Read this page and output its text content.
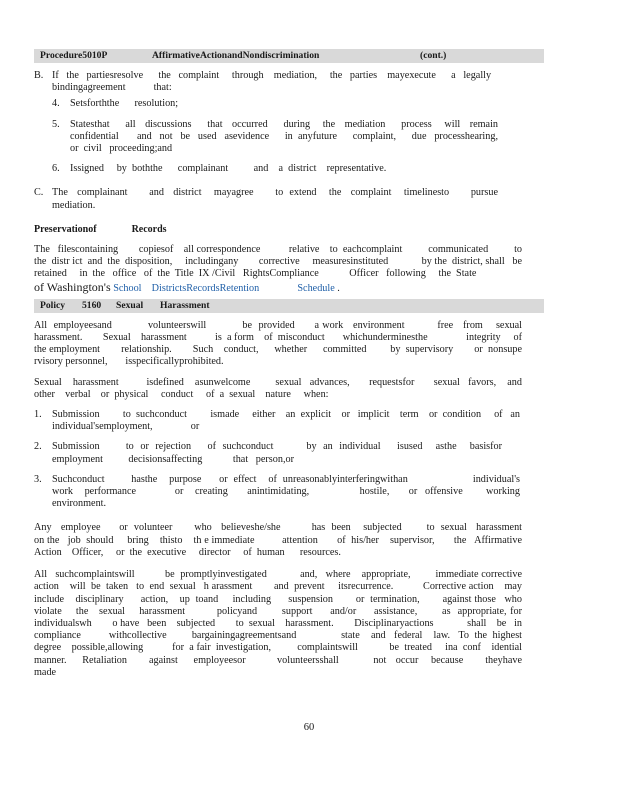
Procedure5010P	AffirmativeActionandNondiscrimination	(cont.)
B. If   the   partiesresolve      the   complaint     through    mediation,     the   parties    mayexecute      a   legally

bindingagreement           that:

4.	Setsforththe      resolution;

5.	Statesthat     all   discussions     that   occurred     during    the   mediation     process    will   remain confidential       and   not   be   used   asevidence      in  anyfuture      complaint,      due   processhearing, or  civil   proceeding;and

6.	Issigned     by  boththe      complainant          and    a  district    representative.

C. The   complainant       and   district    mayagree       to  extend    the   complaint    timelinesto       pursue mediation.

Preservationof              Records

The   filescontaining        copiesof    all correspondence           relative    to  eachcomplaint          communicated          to the  distr ict  and  the  disposition,     includingany        corrective     measuresinstituted             by the  district, shall   be  retained     in  the   office   of  the  Title  IX /Civil   RightsCompliance            Officer   following     the  State

of Washington's School    DistrictsRecordsRetention               Schedule .

Policy 5160 Sexual Harassment

All  employeesand           volunteerswill           be  provided      a work   environment          free   from    sexual harassment.        Sexual    harassment           is  a form    of  misconduct       whichunderminesthe               integrity     of  the employment        relationship.        Such    conduct,      whether      committed         by  supervisory        or  nonsupe    rvisory personnel,       isspecificallyprohibited.

Sexual    harassment          isdefined    asunwelcome         sexual   advances,       requestsfor       sexual   favors,    and other    verbal    or  physical     conduct     of  a  sexual    nature     when:

1.	Submission         to  suchconduct         ismade     either    an  explicit    or   implicit    term    or  condition     of   an individual'semployment,               or

2.	Submission        to  or  rejection     of  suchconduct          by  an  individual     isused    asthe    basisfor employment          decisionsaffecting            that   person,or

3.	Suchconduct         hasthe    purpose      or  effect    of  unreasonablyinterferingwithan                      individual's work   performance          or   creating     anintimidating,             hostile,     or  offensive      working      environment.

Any   employee      or  volunteer       who   believeshe/she          has  been    subjected        to  sexual   harassment         on the   job  should     bring    thisto    th e immediate          attention       of  his/her    supervisor,       the   Affirmative Action    Officer,     or  the  executive     director     of  human      resources.

All   suchcomplaintswill           be  promptlyinvestigated            and,   where    appropriate,         immediate corrective      action    will  be  taken   to  end  sexual   h arassment        and  prevent     itsrecurrence.           Corrective action    may   include    disciplinary      action,    up  toand     including      suspension        or  termination,        against those   who   violate    the   sexual    harassment         policyand       support     and/or     assistance,       as  appropriate, for   individualswh        o have   been    subjected        to  sexual    harassment.        Disciplinaryactions             shall    be   in compliance          withcollective         bargainingagreementsand                state    and   federal    law.   To  the  highest degree    possible,allowing           for  a fair  investigation,          complaintswill            be  treated     ina  conf    idential manner.     Retaliation       against     employeesor          volunteersshall           not   occur    because       theyhave        made

60
